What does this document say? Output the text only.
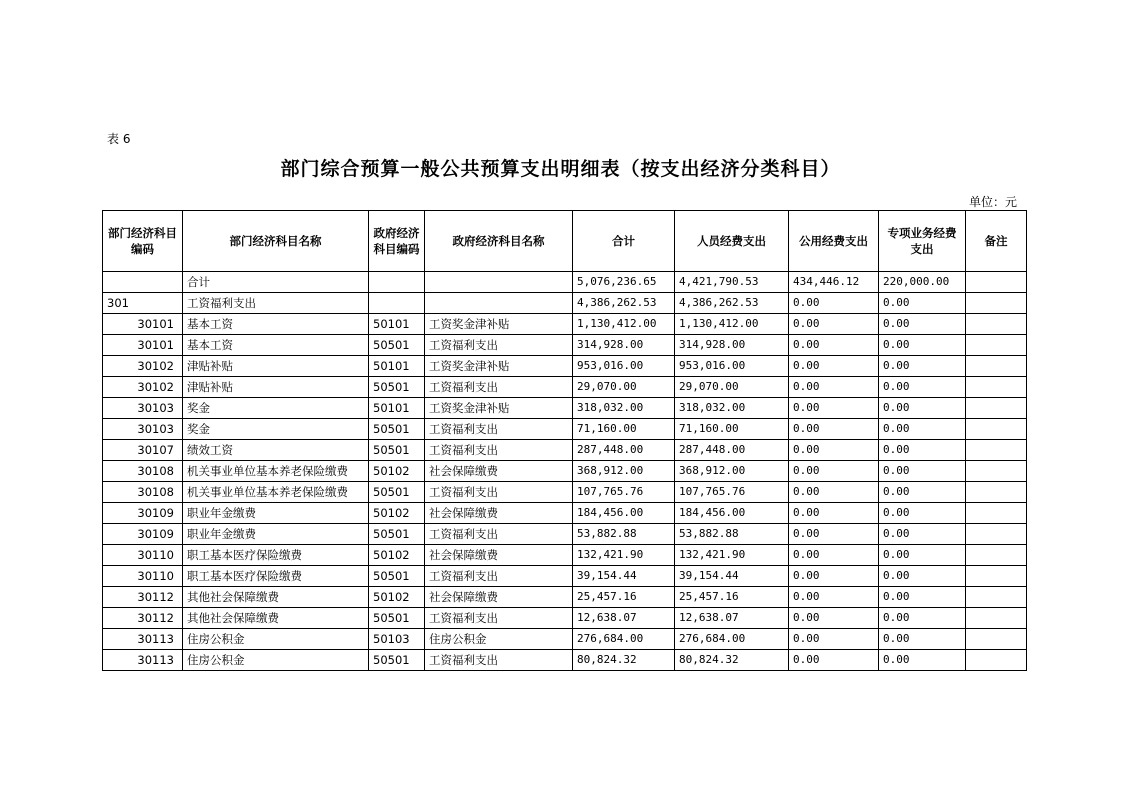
表 6
部门综合预算一般公共预算支出明细表（按支出经济分类科目）
单位：元
部门经济科目编码	部门经济科目名称	政府经济科目编码	政府经济科目名称	合计	人员经费支出	公用经费支出	专项业务经费支出	备注
	合计			5,076,236.65	4,421,790.53	434,446.12	220,000.00	
301	工资福利支出			4,386,262.53	4,386,262.53	0.00	0.00	
30101	基本工资	50101	工资奖金津补贴	1,130,412.00	1,130,412.00	0.00	0.00	
30101	基本工资	50501	工资福利支出	314,928.00	314,928.00	0.00	0.00	
30102	津贴补贴	50101	工资奖金津补贴	953,016.00	953,016.00	0.00	0.00	
30102	津贴补贴	50501	工资福利支出	29,070.00	29,070.00	0.00	0.00	
30103	奖金	50101	工资奖金津补贴	318,032.00	318,032.00	0.00	0.00	
30103	奖金	50501	工资福利支出	71,160.00	71,160.00	0.00	0.00	
30107	绩效工资	50501	工资福利支出	287,448.00	287,448.00	0.00	0.00	
30108	机关事业单位基本养老保险缴费	50102	社会保障缴费	368,912.00	368,912.00	0.00	0.00	
30108	机关事业单位基本养老保险缴费	50501	工资福利支出	107,765.76	107,765.76	0.00	0.00	
30109	职业年金缴费	50102	社会保障缴费	184,456.00	184,456.00	0.00	0.00	
30109	职业年金缴费	50501	工资福利支出	53,882.88	53,882.88	0.00	0.00	
30110	职工基本医疗保险缴费	50102	社会保障缴费	132,421.90	132,421.90	0.00	0.00	
30110	职工基本医疗保险缴费	50501	工资福利支出	39,154.44	39,154.44	0.00	0.00	
30112	其他社会保障缴费	50102	社会保障缴费	25,457.16	25,457.16	0.00	0.00	
30112	其他社会保障缴费	50501	工资福利支出	12,638.07	12,638.07	0.00	0.00	
30113	住房公积金	50103	住房公积金	276,684.00	276,684.00	0.00	0.00	
30113	住房公积金	50501	工资福利支出	80,824.32	80,824.32	0.00	0.00	
